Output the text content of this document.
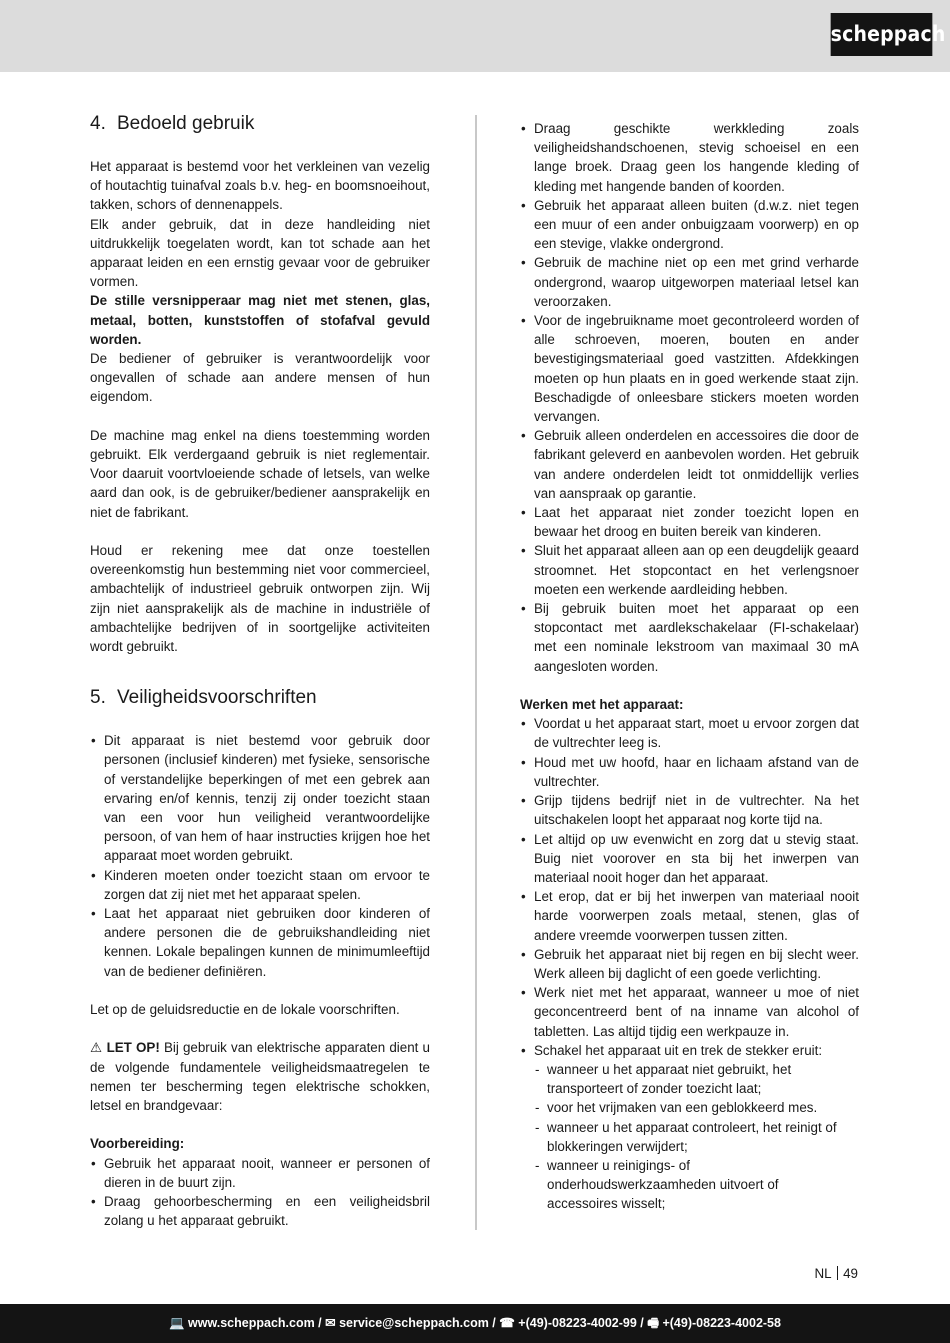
scheppach
4. Bedoeld gebruik

Het apparaat is bestemd voor het verkleinen van vezelig of houtachtig tuinafval zoals b.v. heg- en boomsnoeihout, takken, schors of dennenappels.

Elk ander gebruik, dat in deze handleiding niet uitdrukkelijk toegelaten wordt, kan tot schade aan het apparaat leiden en een ernstig gevaar voor de gebruiker vormen.

De stille versnipperaar mag niet met stenen, glas, metaal, botten, kunststoffen of stofafval gevuld worden.

De bediener of gebruiker is verantwoordelijk voor ongevallen of schade aan andere mensen of hun eigendom.

De machine mag enkel na diens toestemming worden gebruikt. Elk verdergaand gebruik is niet reglementair. Voor daaruit voortvloeiende schade of letsels, van welke aard dan ook, is de gebruiker/bediener aansprakelijk en niet de fabrikant.

Houd er rekening mee dat onze toestellen overeenkomstig hun bestemming niet voor commercieel, ambachtelijk of industrieel gebruik ontworpen zijn. Wij zijn niet aansprakelijk als de machine in industriële of ambachtelijke bedrijven of in soortgelijke activiteiten wordt gebruikt.

5. Veiligheidsvoorschriften
• Dit apparaat is niet bestemd voor gebruik door personen (inclusief kinderen) met fysieke, sensorische of verstandelijke beperkingen of met een gebrek aan ervaring en/of kennis, tenzij zij onder toezicht staan van een voor hun veiligheid verantwoordelijke persoon, of van hem of haar instructies krijgen hoe het apparaat moet worden gebruikt.
• Kinderen moeten onder toezicht staan om ervoor te zorgen dat zij niet met het apparaat spelen.
• Laat het apparaat niet gebruiken door kinderen of andere personen die de gebruikshandleiding niet kennen. Lokale bepalingen kunnen de minimumleeftijd van de bediener definiëren.

Let op de geluidsreductie en de lokale voorschriften.

⚠ LET OP! Bij gebruik van elektrische apparaten dient u de volgende fundamentele veiligheidsmaatregelen te nemen ter bescherming tegen elektrische schokken, letsel en brandgevaar:

Voorbereiding:
• Gebruik het apparaat nooit, wanneer er personen of dieren in de buurt zijn.
• Draag gehoorbescherming en een veiligheidsbril zolang u het apparaat gebruikt.
• Draag geschikte werkkleding zoals veiligheidshandschoenen, stevig schoeisel en een lange broek. Draag geen los hangende kleding of kleding met hangende banden of koorden.
• Gebruik het apparaat alleen buiten (d.w.z. niet tegen een muur of een ander onbuigzaam voorwerp) en op een stevige, vlakke ondergrond.
• Gebruik de machine niet op een met grind verharde ondergrond, waarop uitgeworpen materiaal letsel kan veroorzaken.
• Voor de ingebruikname moet gecontroleerd worden of alle schroeven, moeren, bouten en ander bevestigingsmateriaal goed vastzitten. Afdekkingen moeten op hun plaats en in goed werkende staat zijn. Beschadigde of onleesbare stickers moeten worden vervangen.
• Gebruik alleen onderdelen en accessoires die door de fabrikant geleverd en aanbevolen worden. Het gebruik van andere onderdelen leidt tot onmiddellijk verlies van aanspraak op garantie.
• Laat het apparaat niet zonder toezicht lopen en bewaar het droog en buiten bereik van kinderen.
• Sluit het apparaat alleen aan op een deugdelijk geaard stroomnet. Het stopcontact en het verlengsnoer moeten een werkende aardleiding hebben.
• Bij gebruik buiten moet het apparaat op een stopcontact met aardlekschakelaar (FI-schakelaar) met een nominale lekstroom van maximaal 30 mA aangesloten worden.
Werken met het apparaat:
• Voordat u het apparaat start, moet u ervoor zorgen dat de vultrechter leeg is.
• Houd met uw hoofd, haar en lichaam afstand van de vultrechter.
• Grijp tijdens bedrijf niet in de vultrechter. Na het uitschakelen loopt het apparaat nog korte tijd na.
• Let altijd op uw evenwicht en zorg dat u stevig staat. Buig niet voorover en sta bij het inwerpen van materiaal nooit hoger dan het apparaat.
• Let erop, dat er bij het inwerpen van materiaal nooit harde voorwerpen zoals metaal, stenen, glas of andere vreemde voorwerpen tussen zitten.
• Gebruik het apparaat niet bij regen en bij slecht weer. Werk alleen bij daglicht of een goede verlichting.
• Werk niet met het apparaat, wanneer u moe of niet geconcentreerd bent of na inname van alcohol of tabletten. Las altijd tijdig een werkpauze in.
• Schakel het apparaat uit en trek de stekker eruit:
- wanneer u het apparaat niet gebruikt, het transporteert of zonder toezicht laat;
- voor het vrijmaken van een geblokkeerd mes.
- wanneer u het apparaat controleert, het reinigt of blokkeringen verwijdert;
- wanneer u reinigings- of onderhoudswerkzaamheden uitvoert of accessoires wisselt;
NL 49
💻 www.scheppach.com / ✉ service@scheppach.com / ☎ +(49)-08223-4002-99 / 🖷 +(49)-08223-4002-58
